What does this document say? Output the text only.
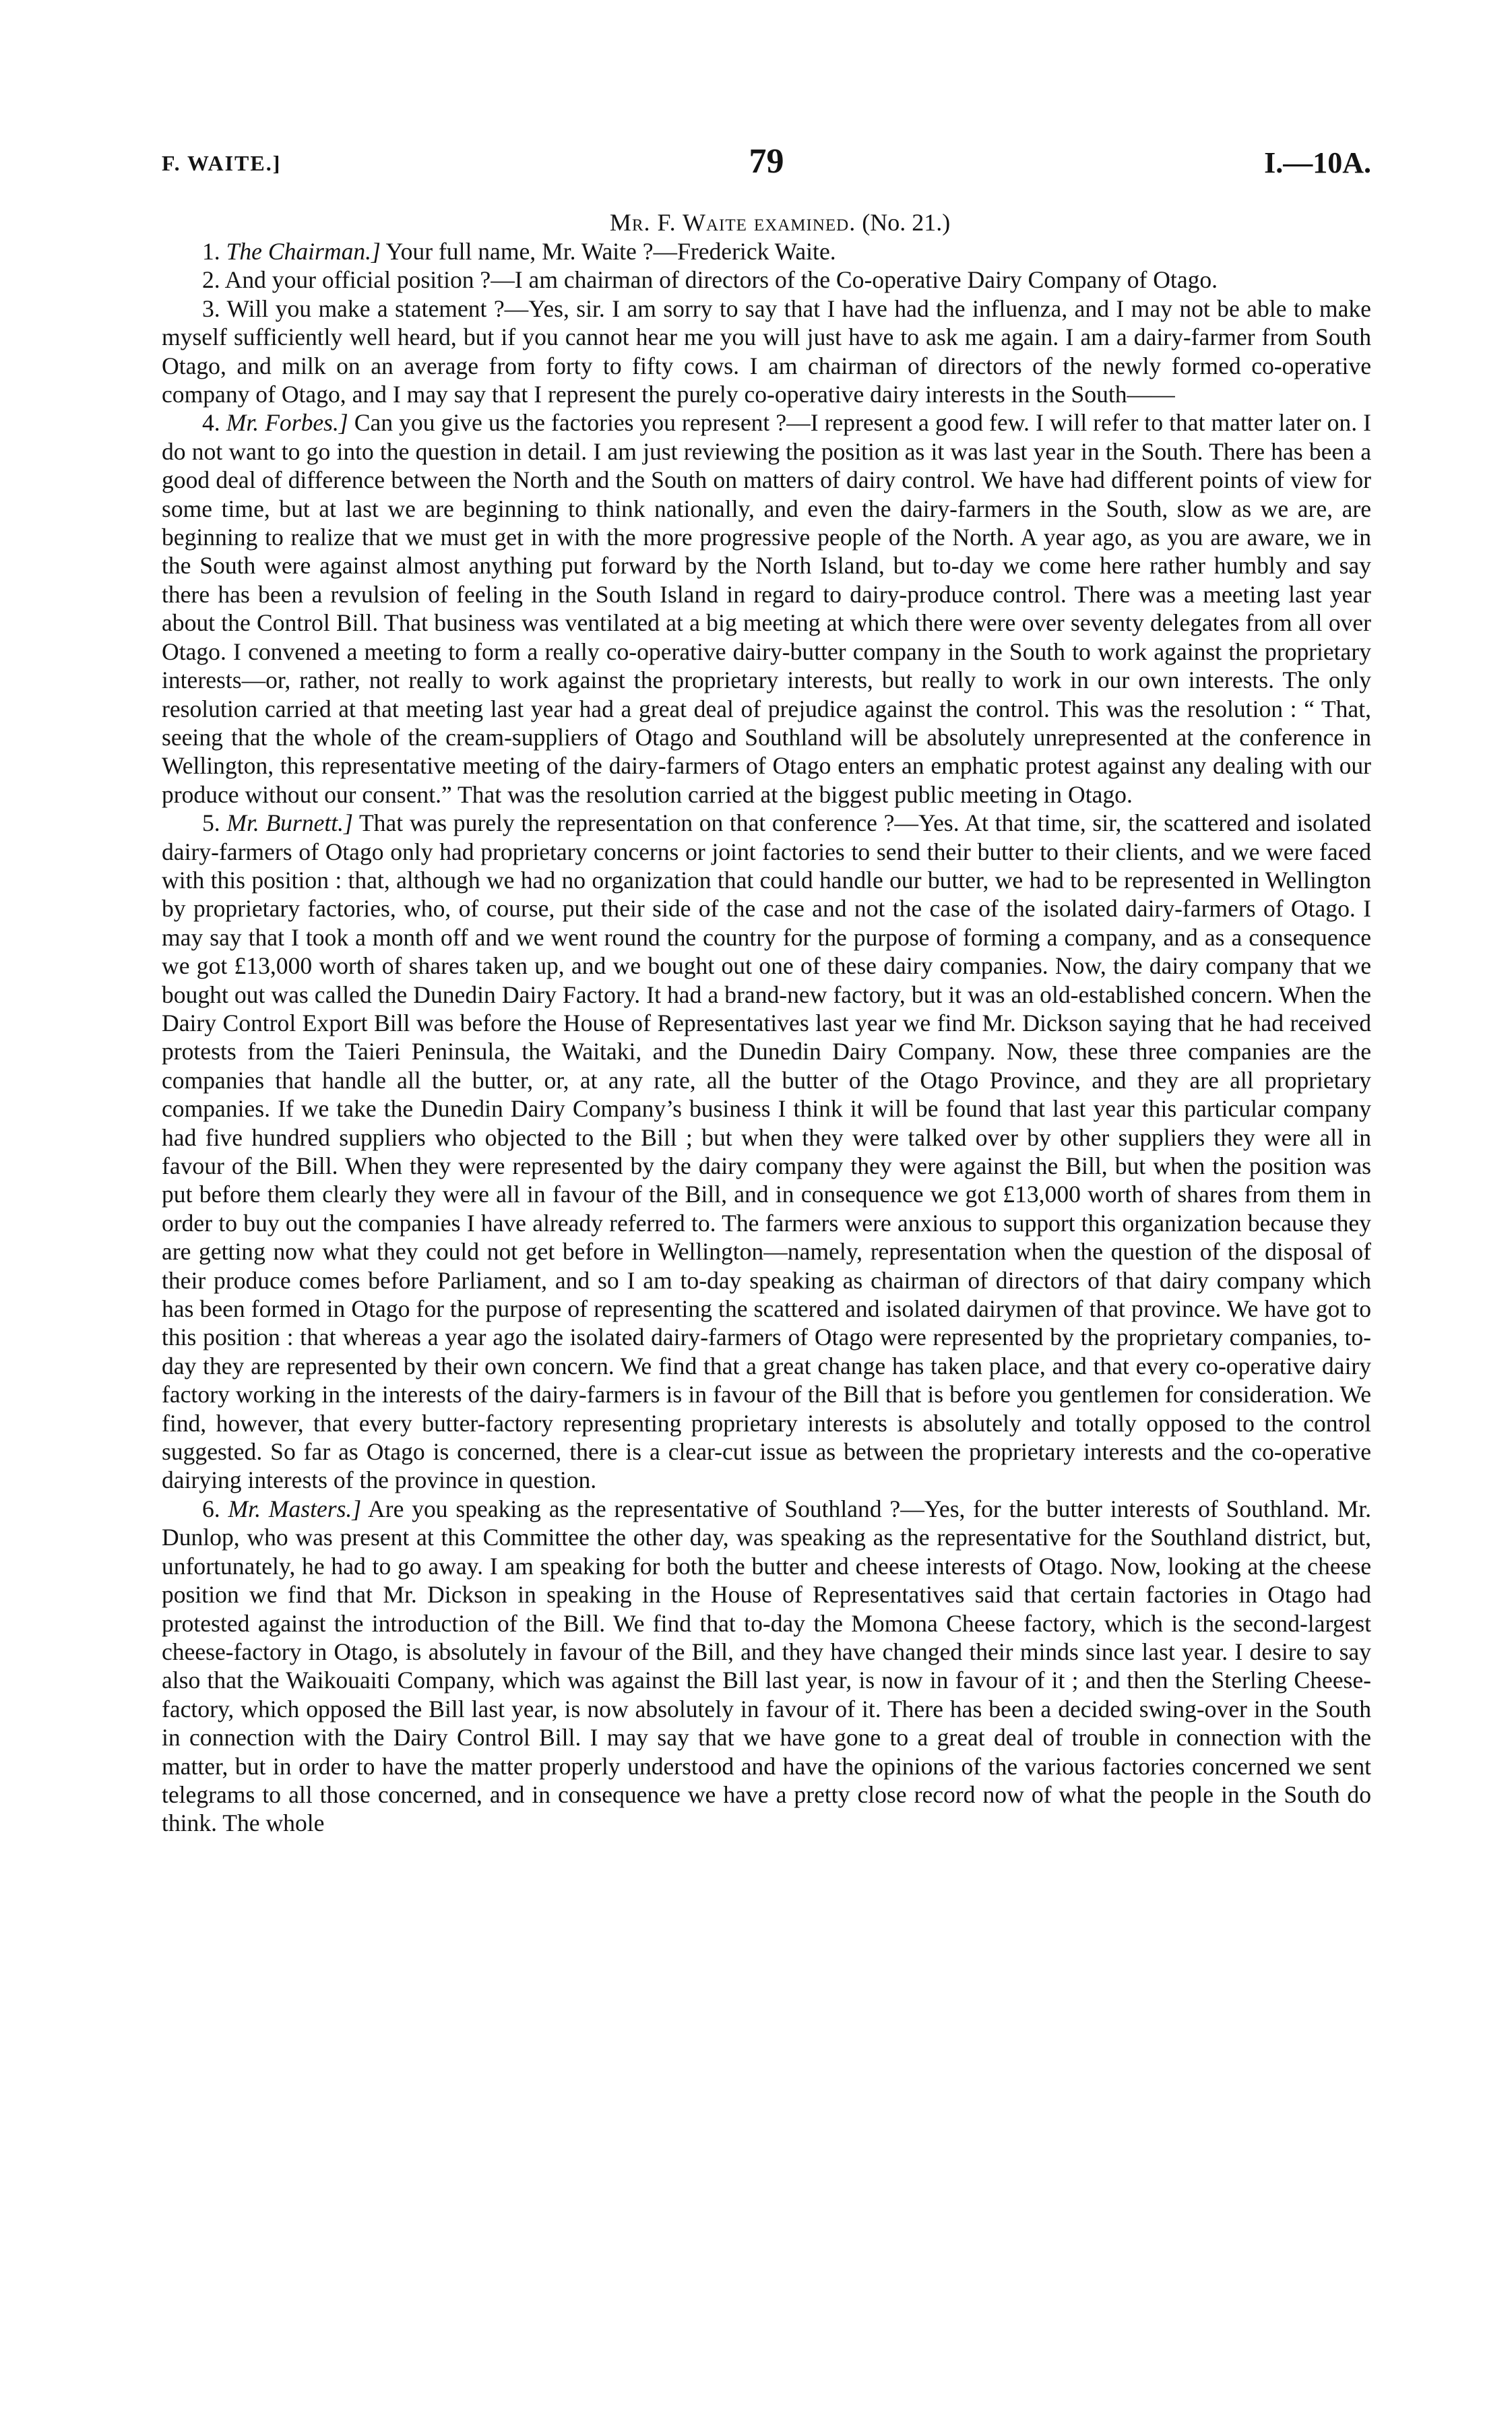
F. WAITE.]	79	I.—10A.
Mr. F. Waite examined. (No. 21.)

1. The Chairman.] Your full name, Mr. Waite ?—Frederick Waite.

2. And your official position ?—I am chairman of directors of the Co-operative Dairy Company of Otago.

3. Will you make a statement ?—Yes, sir. I am sorry to say that I have had the influenza, and I may not be able to make myself sufficiently well heard, but if you cannot hear me you will just have to ask me again. I am a dairy-farmer from South Otago, and milk on an average from forty to fifty cows. I am chairman of directors of the newly formed co-operative company of Otago, and I may say that I represent the purely co-operative dairy interests in the South——

4. Mr. Forbes.] Can you give us the factories you represent ?—I represent a good few. I will refer to that matter later on. I do not want to go into the question in detail. I am just reviewing the position as it was last year in the South. There has been a good deal of difference between the North and the South on matters of dairy control. We have had different points of view for some time, but at last we are beginning to think nationally, and even the dairy-farmers in the South, slow as we are, are beginning to realize that we must get in with the more progressive people of the North. A year ago, as you are aware, we in the South were against almost anything put forward by the North Island, but to-day we come here rather humbly and say there has been a revulsion of feeling in the South Island in regard to dairy-produce control. There was a meeting last year about the Control Bill. That business was ventilated at a big meeting at which there were over seventy delegates from all over Otago. I convened a meeting to form a really co-operative dairy-butter company in the South to work against the proprietary interests—or, rather, not really to work against the proprietary interests, but really to work in our own interests. The only resolution carried at that meeting last year had a great deal of prejudice against the control. This was the resolution : “ That, seeing that the whole of the cream-suppliers of Otago and Southland will be absolutely unrepresented at the conference in Wellington, this representative meeting of the dairy-farmers of Otago enters an emphatic protest against any dealing with our produce without our consent.” That was the resolution carried at the biggest public meeting in Otago.

5. Mr. Burnett.] That was purely the representation on that conference ?—Yes. At that time, sir, the scattered and isolated dairy-farmers of Otago only had proprietary concerns or joint factories to send their butter to their clients, and we were faced with this position : that, although we had no organization that could handle our butter, we had to be represented in Wellington by proprietary factories, who, of course, put their side of the case and not the case of the isolated dairy-farmers of Otago. I may say that I took a month off and we went round the country for the purpose of forming a company, and as a consequence we got £13,000 worth of shares taken up, and we bought out one of these dairy companies. Now, the dairy company that we bought out was called the Dunedin Dairy Factory. It had a brand-new factory, but it was an old-established concern. When the Dairy Control Export Bill was before the House of Representatives last year we find Mr. Dickson saying that he had received protests from the Taieri Peninsula, the Waitaki, and the Dunedin Dairy Company. Now, these three companies are the companies that handle all the butter, or, at any rate, all the butter of the Otago Province, and they are all proprietary companies. If we take the Dunedin Dairy Company’s business I think it will be found that last year this particular company had five hundred suppliers who objected to the Bill ; but when they were talked over by other suppliers they were all in favour of the Bill. When they were represented by the dairy company they were against the Bill, but when the position was put before them clearly they were all in favour of the Bill, and in consequence we got £13,000 worth of shares from them in order to buy out the companies I have already referred to. The farmers were anxious to support this organization because they are getting now what they could not get before in Wellington—namely, representation when the question of the disposal of their produce comes before Parliament, and so I am to-day speaking as chairman of directors of that dairy company which has been formed in Otago for the purpose of representing the scattered and isolated dairymen of that province. We have got to this position : that whereas a year ago the isolated dairy-farmers of Otago were represented by the proprietary companies, to-day they are represented by their own concern. We find that a great change has taken place, and that every co-operative dairy factory working in the interests of the dairy-farmers is in favour of the Bill that is before you gentlemen for consideration. We find, however, that every butter-factory representing proprietary interests is absolutely and totally opposed to the control suggested. So far as Otago is concerned, there is a clear-cut issue as between the proprietary interests and the co-operative dairying interests of the province in question.

6. Mr. Masters.] Are you speaking as the representative of Southland ?—Yes, for the butter interests of Southland. Mr. Dunlop, who was present at this Committee the other day, was speaking as the representative for the Southland district, but, unfortunately, he had to go away. I am speaking for both the butter and cheese interests of Otago. Now, looking at the cheese position we find that Mr. Dickson in speaking in the House of Representatives said that certain factories in Otago had protested against the introduction of the Bill. We find that to-day the Momona Cheese factory, which is the second-largest cheese-factory in Otago, is absolutely in favour of the Bill, and they have changed their minds since last year. I desire to say also that the Waikouaiti Company, which was against the Bill last year, is now in favour of it ; and then the Sterling Cheese-factory, which opposed the Bill last year, is now absolutely in favour of it. There has been a decided swing-over in the South in connection with the Dairy Control Bill. I may say that we have gone to a great deal of trouble in connection with the matter, but in order to have the matter properly understood and have the opinions of the various factories concerned we sent telegrams to all those concerned, and in consequence we have a pretty close record now of what the people in the South do think. The whole
